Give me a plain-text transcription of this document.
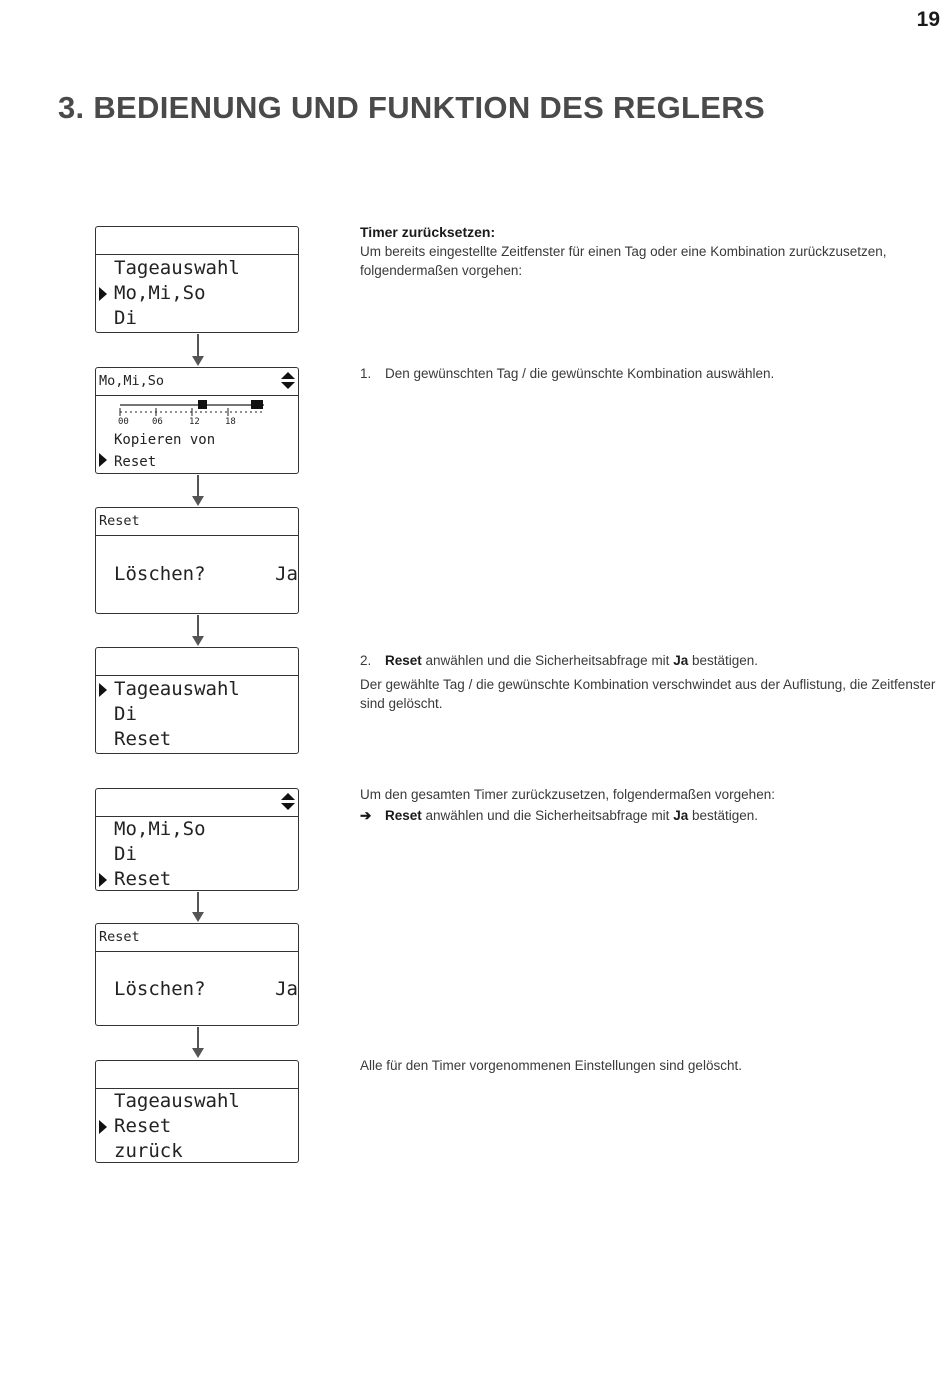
19
3. BEDIENUNG UND FUNKTION DES REGLERS
Tageauswahl
Mo,Mi,So
Di
Mo,Mi,So
00	06	12	18
Kopieren von
Reset
Reset
Löschen?	Ja
Tageauswahl
Di
Reset
Mo,Mi,So
Di
Reset
Reset
Löschen?	Ja
Tageauswahl
Reset
zurück

Timer zurücksetzen:

Um bereits eingestellte Zeitfenster für einen Tag oder eine Kombination zurückzusetzen, folgendermaßen vorgehen:

1. Den gewünschten Tag / die gewünschte Kombination auswählen.

2. Reset anwählen und die Sicherheitsabfrage mit Ja bestätigen.

Der gewählte Tag / die gewünschte Kombination verschwindet aus der Auflistung, die Zeitfenster sind gelöscht.

Um den gesamten Timer zurückzusetzen, folgendermaßen vorgehen:

➔ Reset anwählen und die Sicherheitsabfrage mit Ja bestätigen.

Alle für den Timer vorgenommenen Einstellungen sind gelöscht.
